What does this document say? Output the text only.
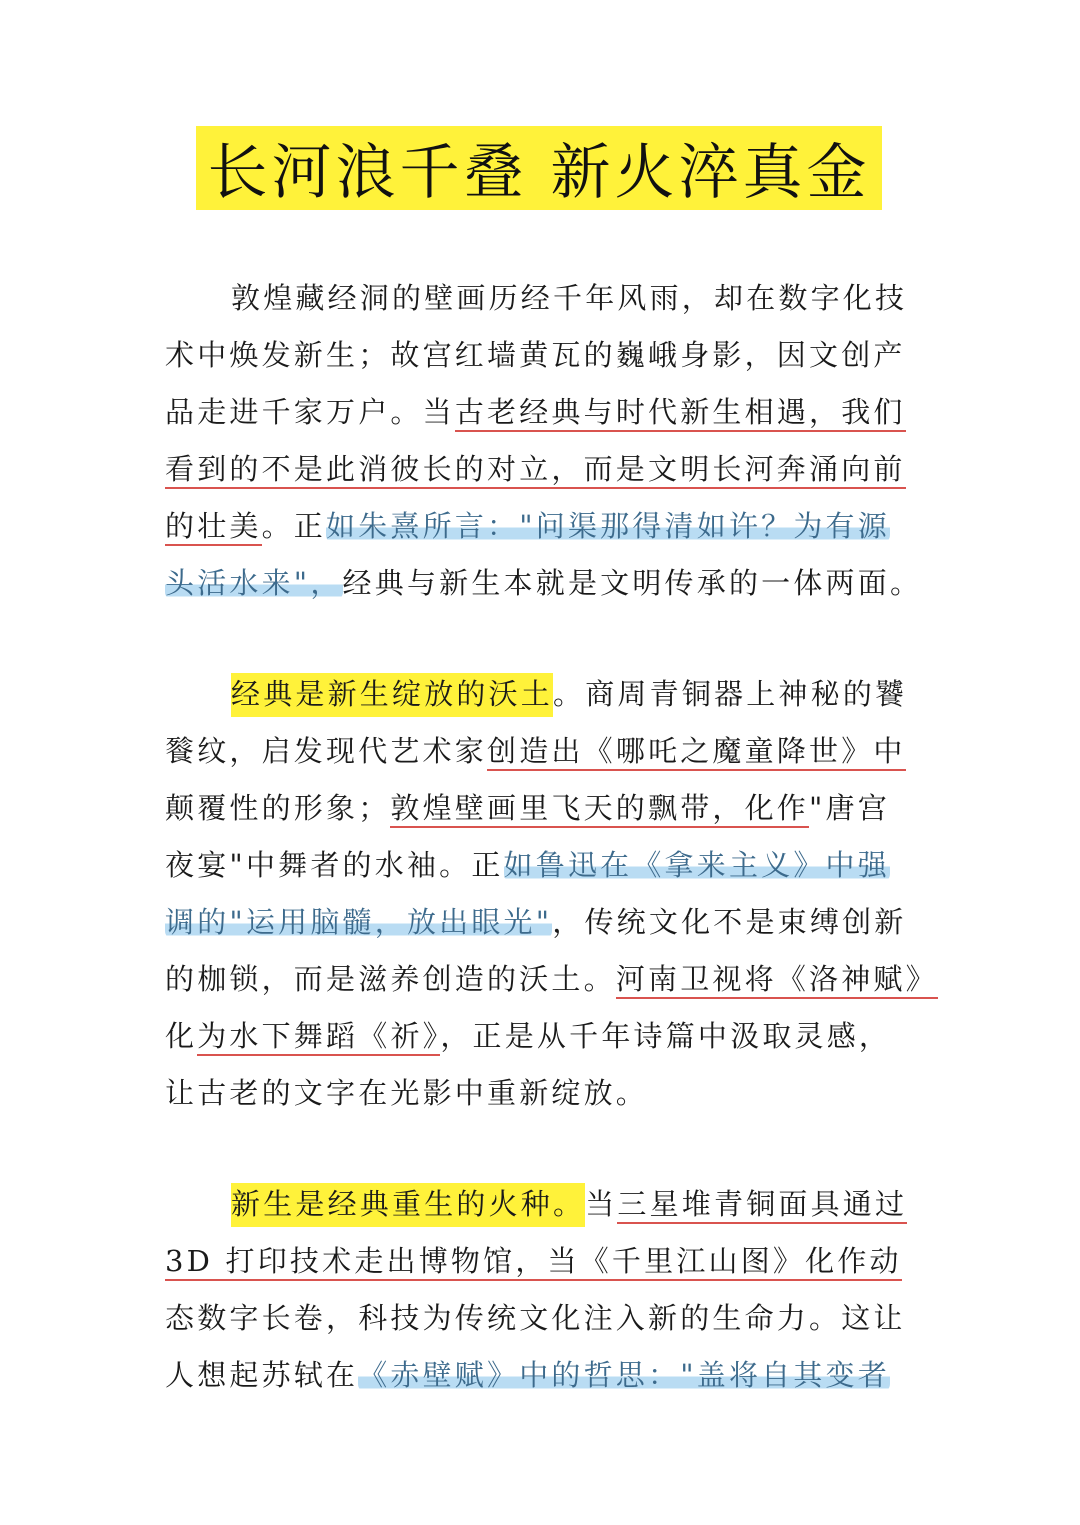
长河浪千叠 新火淬真金
敦煌藏经洞的壁画历经千年风雨，却在数字化技
术中焕发新生；故宫红墙黄瓦的巍峨身影，因文创产
品走进千家万户。当古老经典与时代新生相遇，我们
看到的不是此消彼长的对立，而是文明长河奔涌向前
的壮美。正如朱熹所言："问渠那得清如许？为有源
头活水来"，经典与新生本就是文明传承的一体两面。
经典是新生绽放的沃土。商周青铜器上神秘的饕
餮纹，启发现代艺术家创造出《哪吒之魔童降世》中
颠覆性的形象；敦煌壁画里飞天的飘带，化作"唐宫
夜宴"中舞者的水袖。正如鲁迅在《拿来主义》中强
调的"运用脑髓，放出眼光"，传统文化不是束缚创新
的枷锁，而是滋养创造的沃土。河南卫视将《洛神赋》
化为水下舞蹈《祈》，正是从千年诗篇中汲取灵感，
让古老的文字在光影中重新绽放。
新生是经典重生的火种。当三星堆青铜面具通过
3D 打印技术走出博物馆，当《千里江山图》化作动
态数字长卷，科技为传统文化注入新的生命力。这让
人想起苏轼在《赤壁赋》中的哲思："盖将自其变者
